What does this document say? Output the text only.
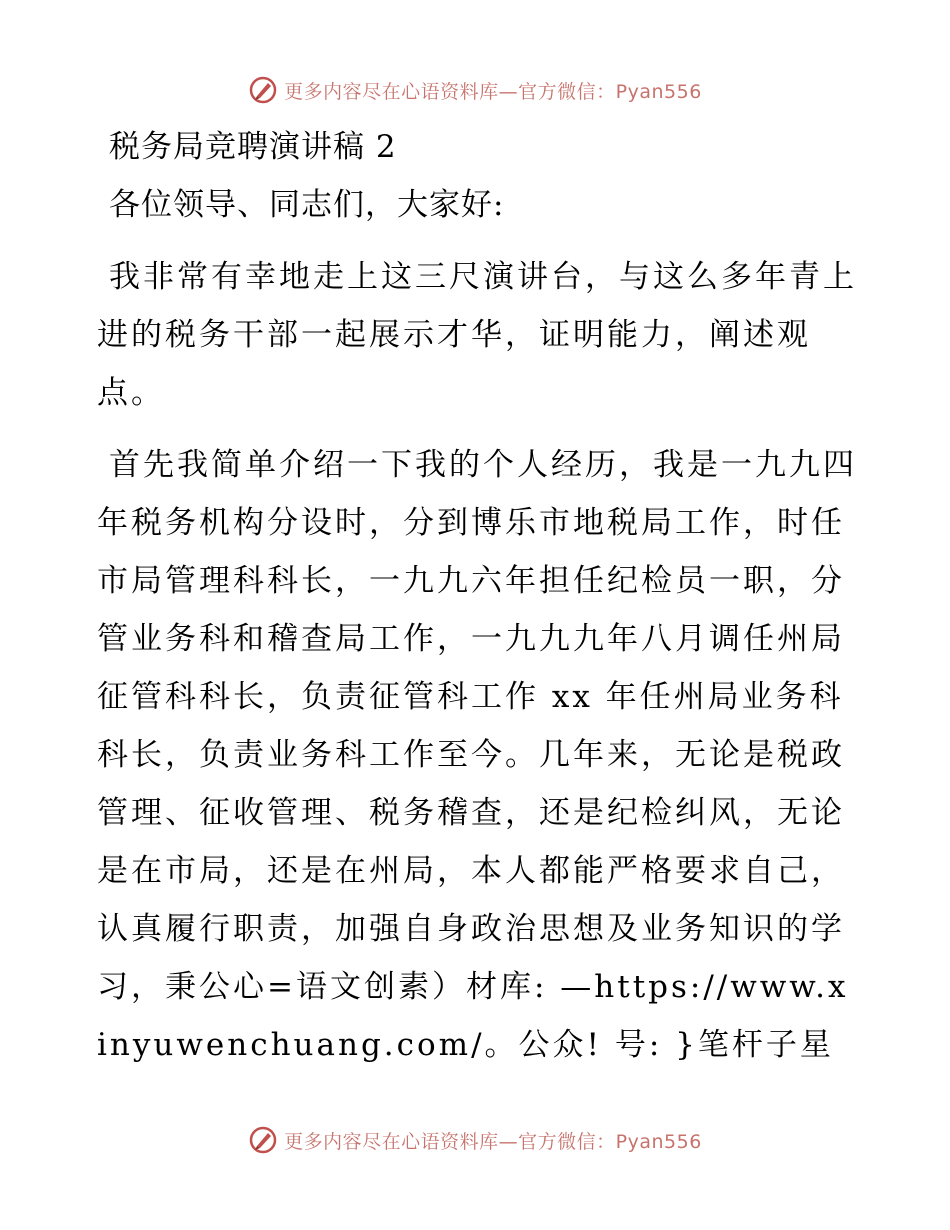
更多内容尽在心语资料库—官方微信：Pyan556
税务局竞聘演讲稿 2
各位领导、同志们，大家好:

我非常有幸地走上这三尺演讲台，与这么多年青上进的税务干部一起展示才华，证明能力，阐述观点。

首先我简单介绍一下我的个人经历，我是一九九四年税务机构分设时，分到博乐市地税局工作，时任市局管理科科长，一九九六年担任纪检员一职，分管业务科和稽查局工作，一九九九年八月调任州局征管科科长，负责征管科工作 xx 年任州局业务科科长，负责业务科工作至今。几年来，无论是税政管理、征收管理、税务稽查，还是纪检纠风，无论是在市局，还是在州局，本人都能严格要求自己，认真履行职责，加强自身政治思想及业务知识的学习，秉公心=语文创素）材库: —https://www.xinyuwenchuang.com/。公众! 号: }笔杆子星

更多内容尽在心语资料库—官方微信：Pyan556
